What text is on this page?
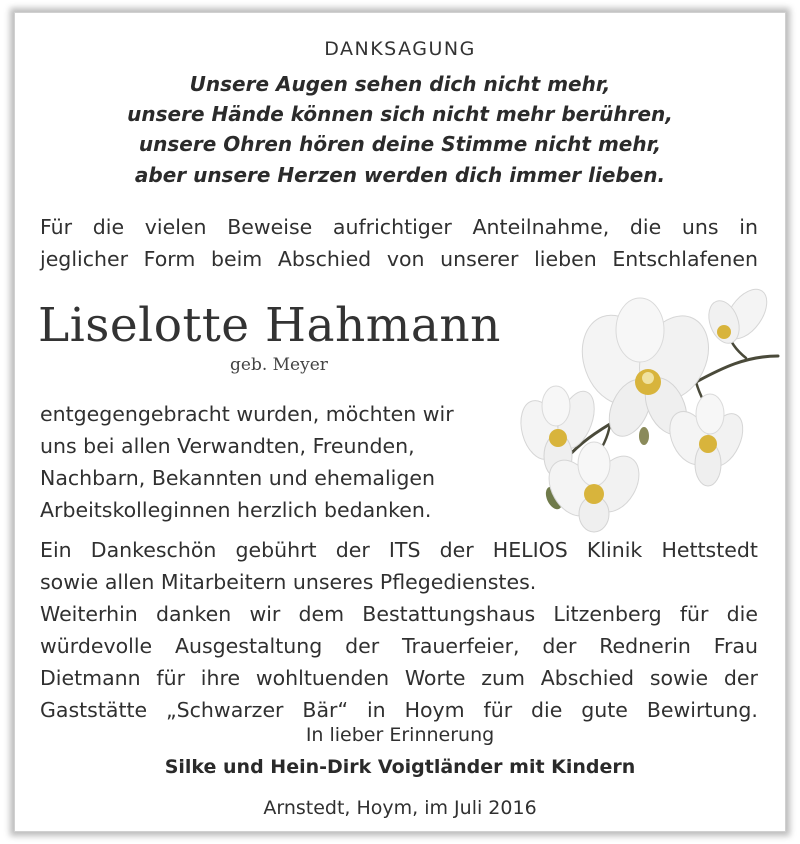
DANKSAGUNG
Unsere Augen sehen dich nicht mehr,
unsere Hände können sich nicht mehr berühren,
unsere Ohren hören deine Stimme nicht mehr,
aber unsere Herzen werden dich immer lieben.
Für die vielen Beweise aufrichtiger Anteilnahme, die uns in
jeglicher Form beim Abschied von unserer lieben Entschlafenen
Liselotte Hahmann
geb. Meyer
entgegengebracht wurden, möchten wir
uns bei allen Verwandten, Freunden,
Nachbarn, Bekannten und ehemaligen
Arbeitskolleginnen herzlich bedanken.
Ein Dankeschön gebührt der ITS der HELIOS Klinik Hettstedt
sowie allen Mitarbeitern unseres Pflegedienstes.
Weiterhin danken wir dem Bestattungshaus Litzenberg für die
würdevolle Ausgestaltung der Trauerfeier, der Rednerin Frau
Dietmann für ihre wohltuenden Worte zum Abschied sowie der
Gaststätte „Schwarzer Bär“ in Hoym für die gute Bewirtung.
In lieber Erinnerung
Silke und Hein-Dirk Voigtländer mit Kindern
Arnstedt, Hoym, im Juli 2016
